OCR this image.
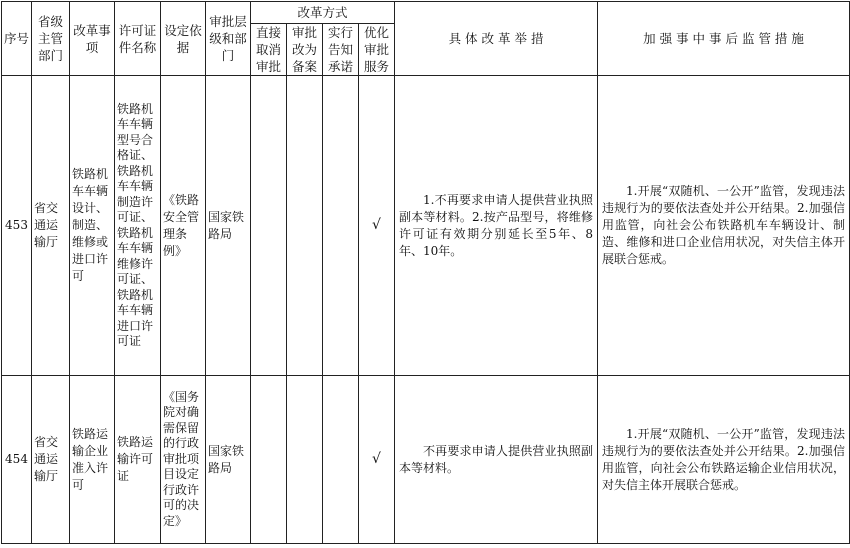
序号	省级主管部门	改革事项	许可证件名称	设定依据	审批层级和部门	改革方式				具 体 改 革 举 措	加 强 事 中 事 后 监 管 措 施
						直接取消审批	审批改为备案	实行告知承诺	优化审批服务		
453	省交通运输厅	铁路机车车辆设计、制造、维修或进口许可	铁路机车车辆型号合格证、铁路机车车辆制造许可证、铁路机车车辆维修许可证、铁路机车车辆进口许可证	《铁路安全管理条例》	国家铁路局				√	1.不再要求申请人提供营业执照副本等材料。2.按产品型号，将维修许可证有效期分别延长至5年、8年、10年。	1.开展“双随机、一公开”监管，发现违法违规行为的要依法查处并公开结果。2.加强信用监管，向社会公布铁路机车车辆设计、制造、维修和进口企业信用状况，对失信主体开展联合惩戒。
454	省交通运输厅	铁路运输企业准入许可	铁路运输许可证	《国务院对确需保留的行政审批项目设定行政许可的决定》	国家铁路局				√	不再要求申请人提供营业执照副本等材料。	1.开展“双随机、一公开”监管，发现违法违规行为的要依法查处并公开结果。2.加强信用监管，向社会公布铁路运输企业信用状况，对失信主体开展联合惩戒。
